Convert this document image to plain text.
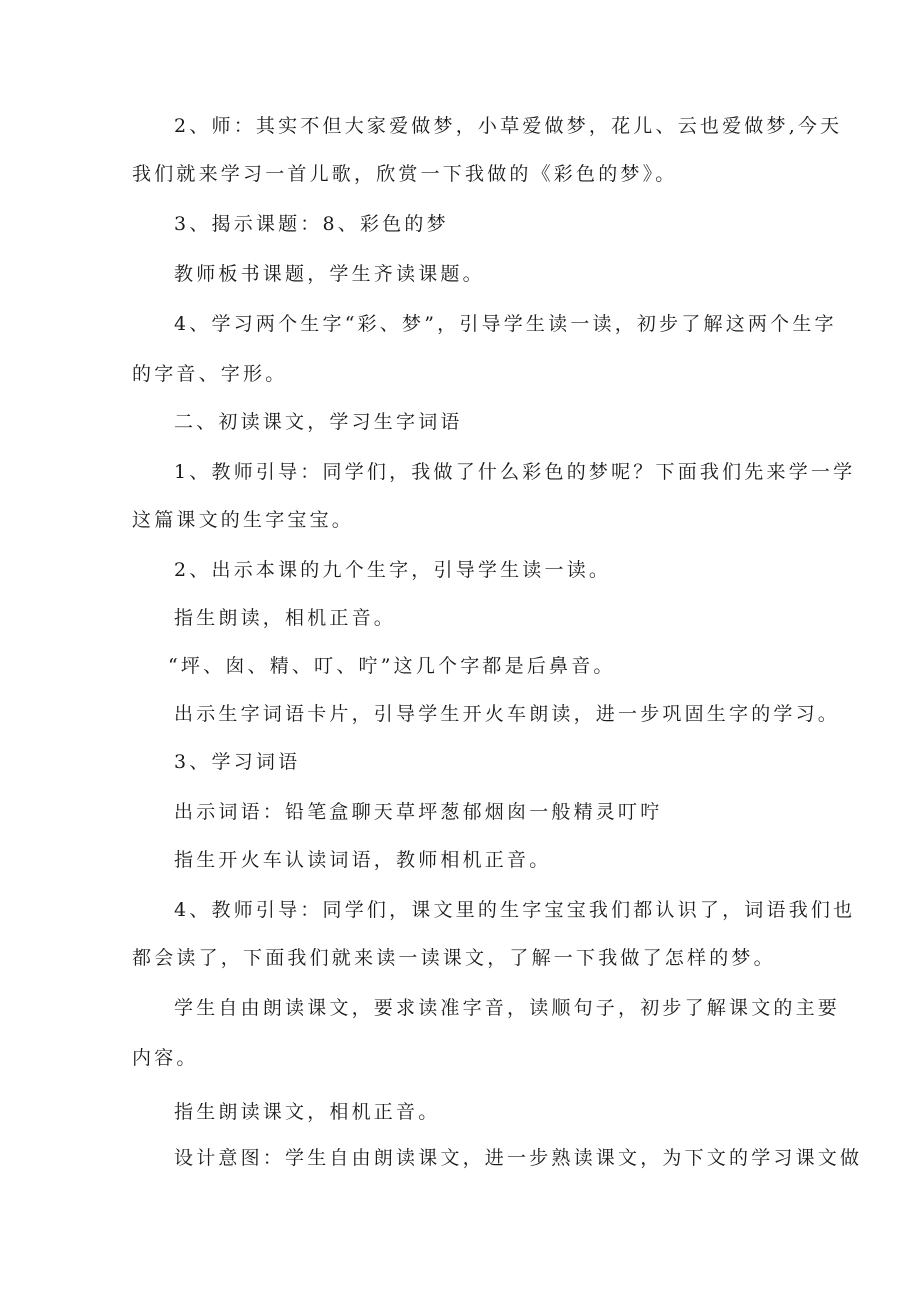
2、师：其实不但大家爱做梦，小草爱做梦，花儿、云也爱做梦,今天
我们就来学习一首儿歌，欣赏一下我做的《彩色的梦》。
3、揭示课题：8、彩色的梦
教师板书课题，学生齐读课题。
4、学习两个生字“彩、梦”，引导学生读一读，初步了解这两个生字
的字音、字形。
二、初读课文，学习生字词语
1、教师引导：同学们，我做了什么彩色的梦呢？下面我们先来学一学
这篇课文的生字宝宝。
2、出示本课的九个生字，引导学生读一读。
指生朗读，相机正音。
“坪、囱、精、叮、咛”这几个字都是后鼻音。
出示生字词语卡片，引导学生开火车朗读，进一步巩固生字的学习。
3、学习词语
出示词语：铅笔盒聊天草坪葱郁烟囱一般精灵叮咛
指生开火车认读词语，教师相机正音。
4、教师引导：同学们，课文里的生字宝宝我们都认识了，词语我们也
都会读了，下面我们就来读一读课文，了解一下我做了怎样的梦。
学生自由朗读课文，要求读准字音，读顺句子，初步了解课文的主要
内容。
指生朗读课文，相机正音。
设计意图：学生自由朗读课文，进一步熟读课文，为下文的学习课文做
